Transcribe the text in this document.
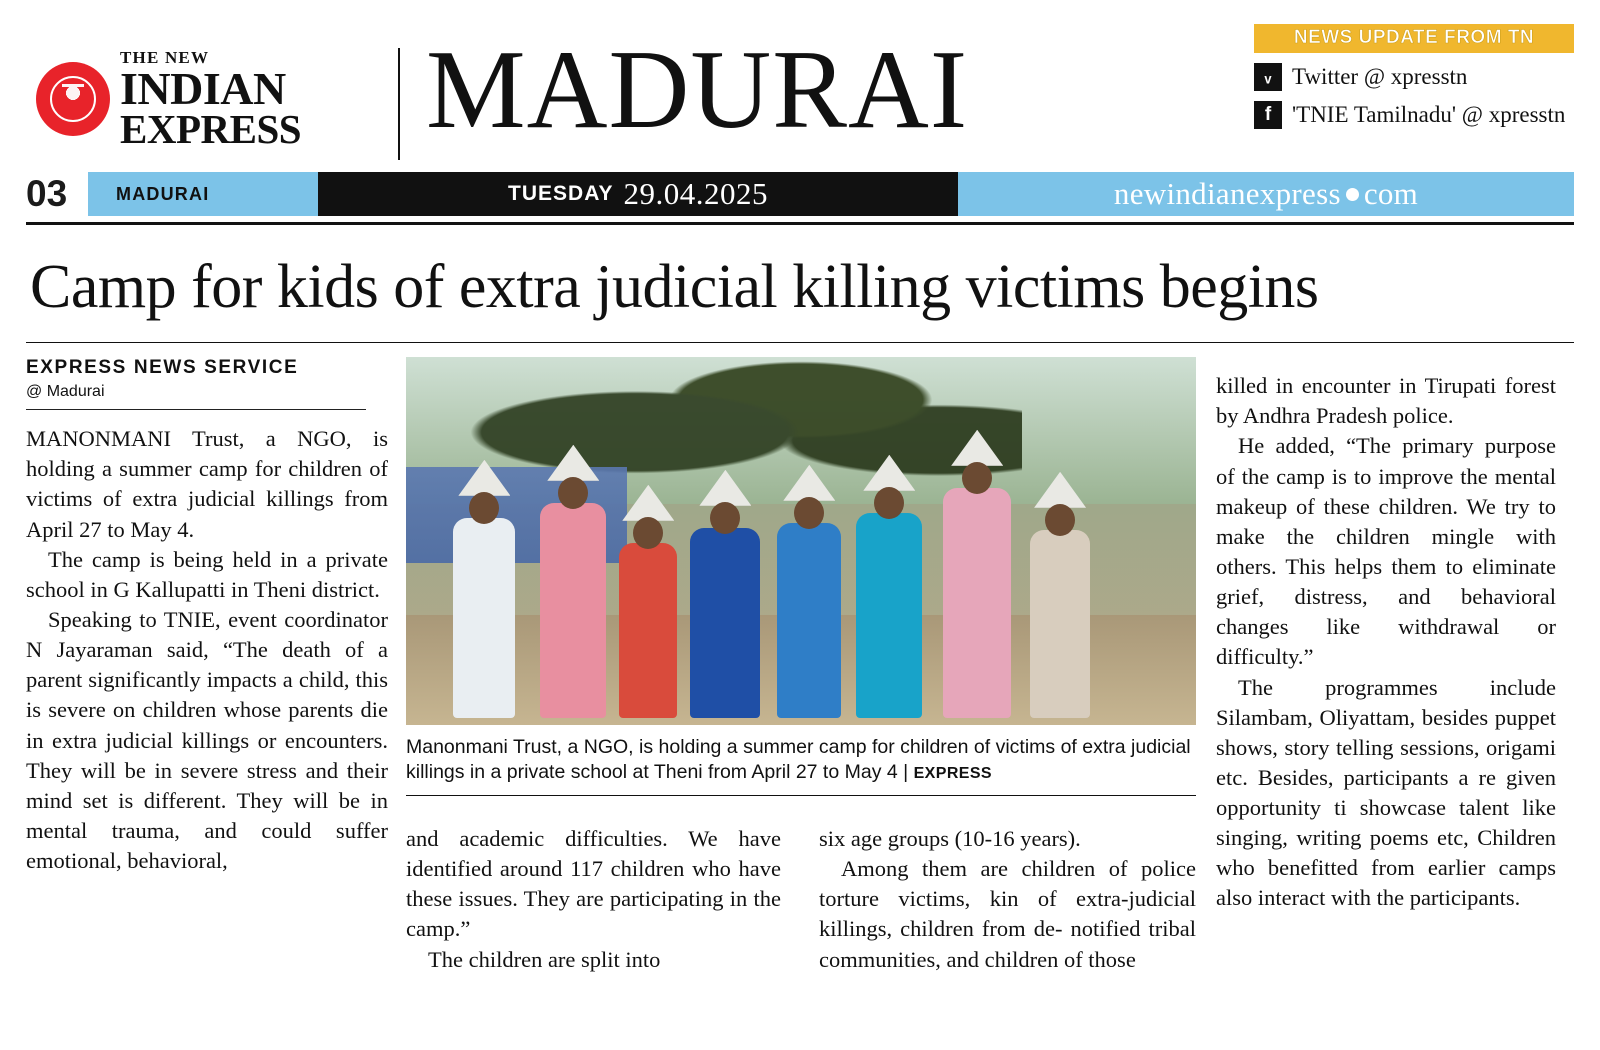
THE NEW
INDIAN
EXPRESS MADURAI	NEWS UPDATE FROM TN
ᵥ Twitter @ xpresstn
f 'TNIE Tamilnadu' @ xpresstn
03	MADURAI	TUESDAY 29.04.2025	newindianexpress com
Camp for kids of extra judicial killing victims begins
EXPRESS NEWS SERVICE
@ Madurai

MANONMANI Trust, a NGO, is holding a summer camp for children of victims of extra judicial killings from April 27 to May 4.

The camp is being held in a private school in G Kallupatti in Theni district.

Speaking to TNIE, event coordinator N Jayaraman said, “The death of a parent significantly impacts a child, this is severe on children whose parents die in extra judicial killings or encounters. They will be in severe stress and their mind set is different. They will be in mental trauma, and could suffer emotional, behavioral,

Manonmani Trust, a NGO, is holding a summer camp for children of victims of extra judicial killings in a private school at Theni from April 27 to May 4 | EXPRESS

and academic difficulties. We have identified around 117 children who have these issues. They are participating in the camp.”

The children are split into

six age groups (10-16 years).

Among them are children of police torture victims, kin of extra-judicial killings, children from de- notified tribal communities, and children of those

killed in encounter in Tirupati forest by Andhra Pradesh police.

He added, “The primary purpose of the camp is to improve the mental makeup of these children. We try to make the children mingle with others. This helps them to eliminate grief, distress, and behavioral changes like withdrawal or difficulty.”

The programmes include Silambam, Oliyattam, besides puppet shows, story telling sessions, origami etc. Besides, participants a re given opportunity ti showcase talent like singing, writing poems etc, Children who benefitted from earlier camps also interact with the participants.
